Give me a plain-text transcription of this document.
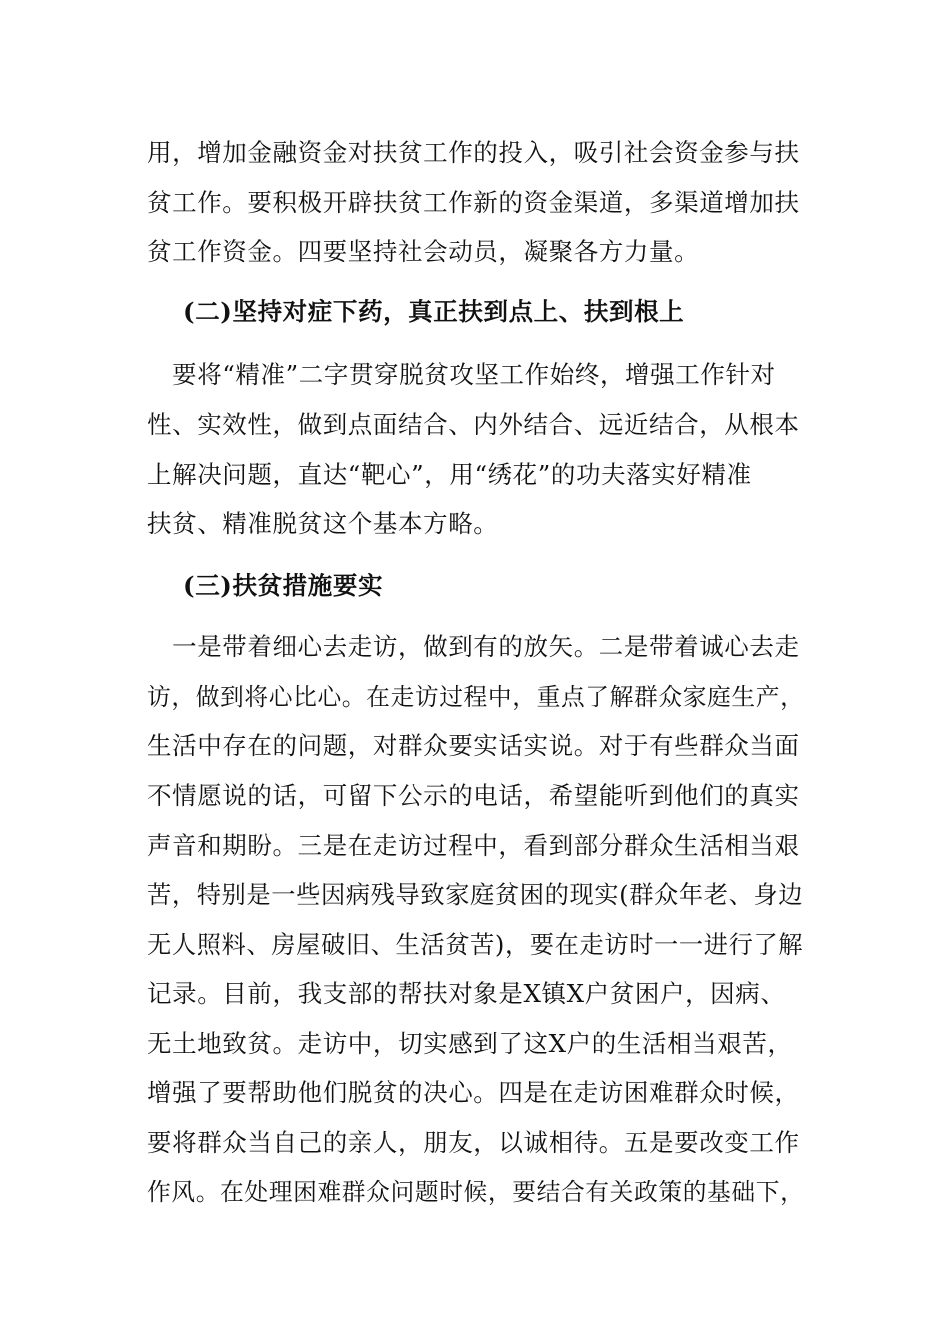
用，增加金融资金对扶贫工作的投入，吸引社会资金参与扶
贫工作。要积极开辟扶贫工作新的资金渠道，多渠道增加扶
贫工作资金。四要坚持社会动员，凝聚各方力量。
(二)坚持对症下药，真正扶到点上、扶到根上
　要将“精准”二字贯穿脱贫攻坚工作始终，增强工作针对
性、实效性，做到点面结合、内外结合、远近结合，从根本
上解决问题，直达“靶心”，用“绣花”的功夫落实好精准
扶贫、精准脱贫这个基本方略。
(三)扶贫措施要实
　一是带着细心去走访，做到有的放矢。二是带着诚心去走
访，做到将心比心。在走访过程中，重点了解群众家庭生产，
生活中存在的问题，对群众要实话实说。对于有些群众当面
不情愿说的话，可留下公示的电话，希望能听到他们的真实
声音和期盼。三是在走访过程中，看到部分群众生活相当艰
苦，特别是一些因病残导致家庭贫困的现实(群众年老、身边
无人照料、房屋破旧、生活贫苦)，要在走访时一一进行了解
记录。目前，我支部的帮扶对象是X镇X户贫困户，因病、
无土地致贫。走访中，切实感到了这X户的生活相当艰苦，
增强了要帮助他们脱贫的决心。四是在走访困难群众时候，
要将群众当自己的亲人，朋友，以诚相待。五是要改变工作
作风。在处理困难群众问题时候，要结合有关政策的基础下，
